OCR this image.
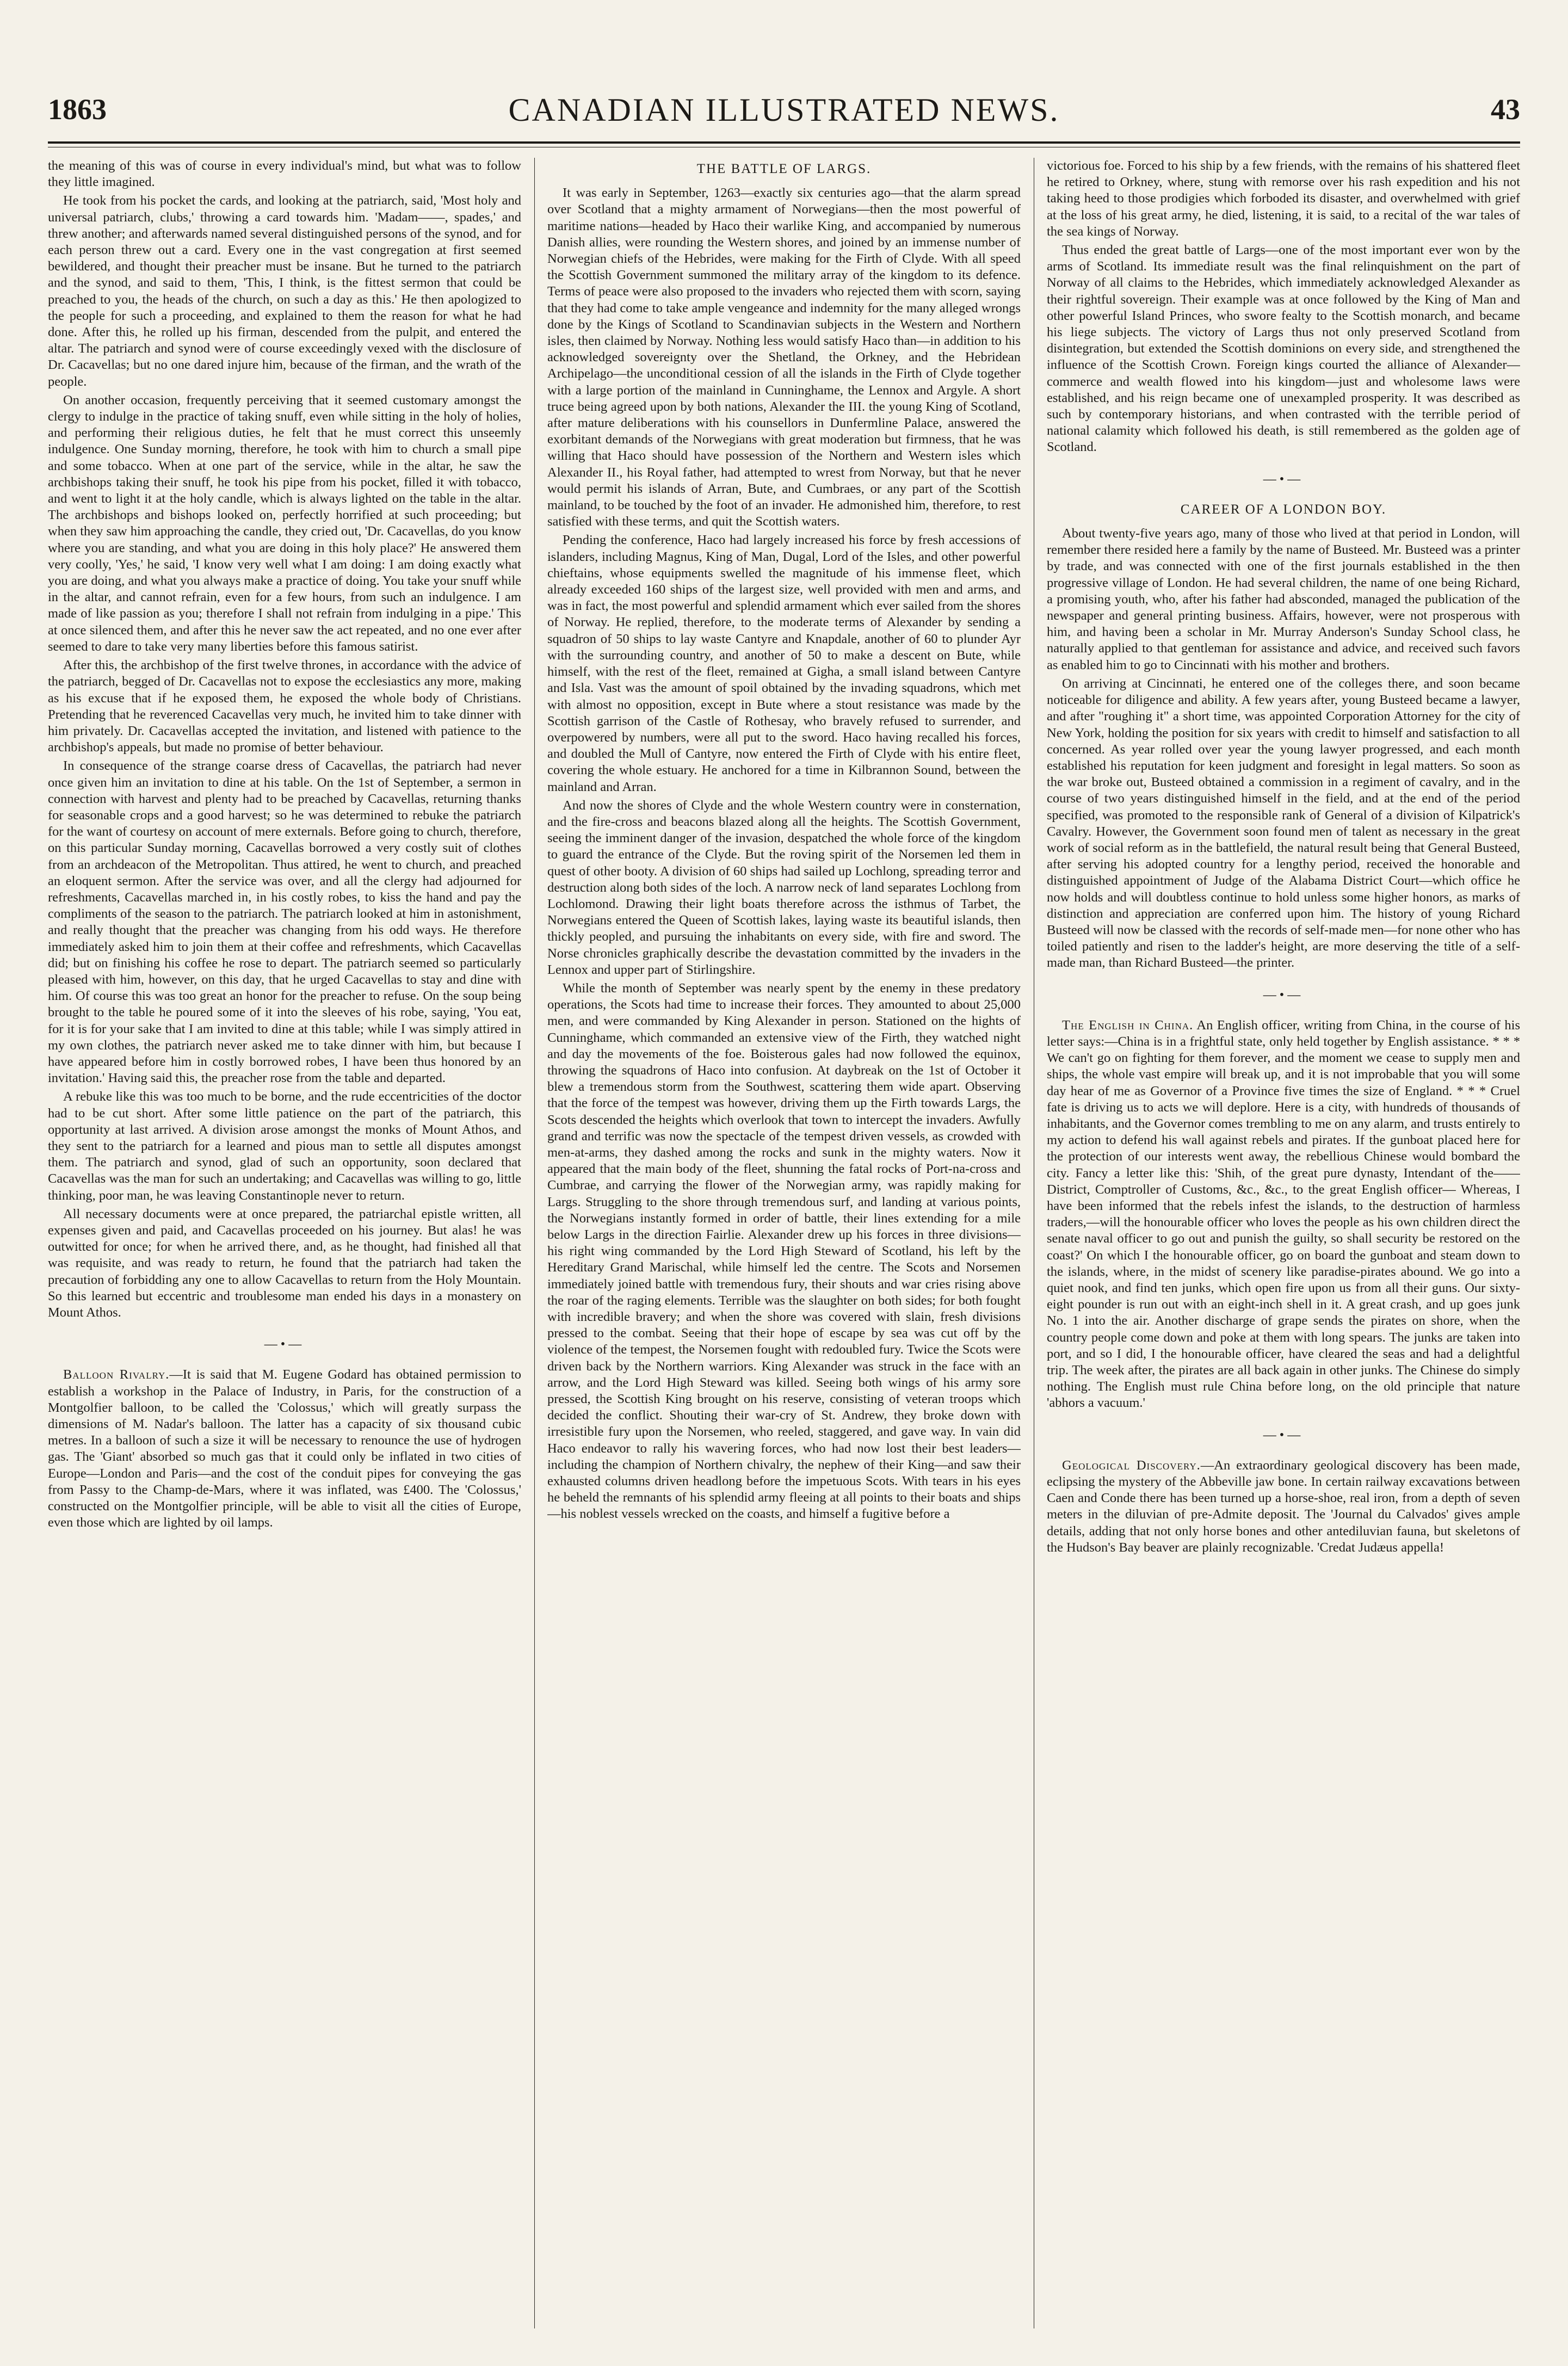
1863	CANADIAN ILLUSTRATED NEWS.	43

the meaning of this was of course in every individual's mind, but what was to follow they little imagined.

He took from his pocket the cards, and looking at the patriarch, said, 'Most holy and universal patriarch, clubs,' throwing a card towards him. 'Madam——, spades,' and threw another; and afterwards named several distinguished persons of the synod, and for each person threw out a card. Every one in the vast congregation at first seemed bewildered, and thought their preacher must be insane. But he turned to the patriarch and the synod, and said to them, 'This, I think, is the fittest sermon that could be preached to you, the heads of the church, on such a day as this.' He then apologized to the people for such a proceeding, and explained to them the reason for what he had done. After this, he rolled up his firman, descended from the pulpit, and entered the altar. The patriarch and synod were of course exceedingly vexed with the disclosure of Dr. Cacavellas; but no one dared injure him, because of the firman, and the wrath of the people.

On another occasion, frequently perceiving that it seemed customary amongst the clergy to indulge in the practice of taking snuff, even while sitting in the holy of holies, and performing their religious duties, he felt that he must correct this unseemly indulgence. One Sunday morning, therefore, he took with him to church a small pipe and some tobacco. When at one part of the service, while in the altar, he saw the archbishops taking their snuff, he took his pipe from his pocket, filled it with tobacco, and went to light it at the holy candle, which is always lighted on the table in the altar. The archbishops and bishops looked on, perfectly horrified at such proceeding; but when they saw him approaching the candle, they cried out, 'Dr. Cacavellas, do you know where you are standing, and what you are doing in this holy place?' He answered them very coolly, 'Yes,' he said, 'I know very well what I am doing: I am doing exactly what you are doing, and what you always make a practice of doing. You take your snuff while in the altar, and cannot refrain, even for a few hours, from such an indulgence. I am made of like passion as you; therefore I shall not refrain from indulging in a pipe.' This at once silenced them, and after this he never saw the act repeated, and no one ever after seemed to dare to take very many liberties before this famous satirist.

After this, the archbishop of the first twelve thrones, in accordance with the advice of the patriarch, begged of Dr. Cacavellas not to expose the ecclesiastics any more, making as his excuse that if he exposed them, he exposed the whole body of Christians. Pretending that he reverenced Cacavellas very much, he invited him to take dinner with him privately. Dr. Cacavellas accepted the invitation, and listened with patience to the archbishop's appeals, but made no promise of better behaviour.

In consequence of the strange coarse dress of Cacavellas, the patriarch had never once given him an invitation to dine at his table. On the 1st of September, a sermon in connection with harvest and plenty had to be preached by Cacavellas, returning thanks for seasonable crops and a good harvest; so he was determined to rebuke the patriarch for the want of courtesy on account of mere externals. Before going to church, therefore, on this particular Sunday morning, Cacavellas borrowed a very costly suit of clothes from an archdeacon of the Metropolitan. Thus attired, he went to church, and preached an eloquent sermon. After the service was over, and all the clergy had adjourned for refreshments, Cacavellas marched in, in his costly robes, to kiss the hand and pay the compliments of the season to the patriarch. The patriarch looked at him in astonishment, and really thought that the preacher was changing from his odd ways. He therefore immediately asked him to join them at their coffee and refreshments, which Cacavellas did; but on finishing his coffee he rose to depart. The patriarch seemed so particularly pleased with him, however, on this day, that he urged Cacavellas to stay and dine with him. Of course this was too great an honor for the preacher to refuse. On the soup being brought to the table he poured some of it into the sleeves of his robe, saying, 'You eat, for it is for your sake that I am invited to dine at this table; while I was simply attired in my own clothes, the patriarch never asked me to take dinner with him, but because I have appeared before him in costly borrowed robes, I have been thus honored by an invitation.' Having said this, the preacher rose from the table and departed.

A rebuke like this was too much to be borne, and the rude eccentricities of the doctor had to be cut short. After some little patience on the part of the patriarch, this opportunity at last arrived. A division arose amongst the monks of Mount Athos, and they sent to the patriarch for a learned and pious man to settle all disputes amongst them. The patriarch and synod, glad of such an opportunity, soon declared that Cacavellas was the man for such an undertaking; and Cacavellas was willing to go, little thinking, poor man, he was leaving Constantinople never to return.

All necessary documents were at once prepared, the patriarchal epistle written, all expenses given and paid, and Cacavellas proceeded on his journey. But alas! he was outwitted for once; for when he arrived there, and, as he thought, had finished all that was requisite, and was ready to return, he found that the patriarch had taken the precaution of forbidding any one to allow Cacavellas to return from the Holy Mountain. So this learned but eccentric and troublesome man ended his days in a monastery on Mount Athos.

—•—

Balloon Rivalry.—It is said that M. Eugene Godard has obtained permission to establish a workshop in the Palace of Industry, in Paris, for the construction of a Montgolfier balloon, to be called the 'Colossus,' which will greatly surpass the dimensions of M. Nadar's balloon. The latter has a capacity of six thousand cubic metres. In a balloon of such a size it will be necessary to renounce the use of hydrogen gas. The 'Giant' absorbed so much gas that it could only be inflated in two cities of Europe—London and Paris—and the cost of the conduit pipes for conveying the gas from Passy to the Champ-de-Mars, where it was inflated, was £400. The 'Colossus,' constructed on the Montgolfier principle, will be able to visit all the cities of Europe, even those which are lighted by oil lamps.

THE BATTLE OF LARGS.

It was early in September, 1263—exactly six centuries ago—that the alarm spread over Scotland that a mighty armament of Norwegians—then the most powerful of maritime nations—headed by Haco their warlike King, and accompanied by numerous Danish allies, were rounding the Western shores, and joined by an immense number of Norwegian chiefs of the Hebrides, were making for the Firth of Clyde. With all speed the Scottish Government summoned the military array of the kingdom to its defence. Terms of peace were also proposed to the invaders who rejected them with scorn, saying that they had come to take ample vengeance and indemnity for the many alleged wrongs done by the Kings of Scotland to Scandinavian subjects in the Western and Northern isles, then claimed by Norway. Nothing less would satisfy Haco than—in addition to his acknowledged sovereignty over the Shetland, the Orkney, and the Hebridean Archipelago—the unconditional cession of all the islands in the Firth of Clyde together with a large portion of the mainland in Cunninghame, the Lennox and Argyle. A short truce being agreed upon by both nations, Alexander the III. the young King of Scotland, after mature deliberations with his counsellors in Dunfermline Palace, answered the exorbitant demands of the Norwegians with great moderation but firmness, that he was willing that Haco should have possession of the Northern and Western isles which Alexander II., his Royal father, had attempted to wrest from Norway, but that he never would permit his islands of Arran, Bute, and Cumbraes, or any part of the Scottish mainland, to be touched by the foot of an invader. He admonished him, therefore, to rest satisfied with these terms, and quit the Scottish waters.

Pending the conference, Haco had largely increased his force by fresh accessions of islanders, including Magnus, King of Man, Dugal, Lord of the Isles, and other powerful chieftains, whose equipments swelled the magnitude of his immense fleet, which already exceeded 160 ships of the largest size, well provided with men and arms, and was in fact, the most powerful and splendid armament which ever sailed from the shores of Norway. He replied, therefore, to the moderate terms of Alexander by sending a squadron of 50 ships to lay waste Cantyre and Knapdale, another of 60 to plunder Ayr with the surrounding country, and another of 50 to make a descent on Bute, while himself, with the rest of the fleet, remained at Gigha, a small island between Cantyre and Isla. Vast was the amount of spoil obtained by the invading squadrons, which met with almost no opposition, except in Bute where a stout resistance was made by the Scottish garrison of the Castle of Rothesay, who bravely refused to surrender, and overpowered by numbers, were all put to the sword. Haco having recalled his forces, and doubled the Mull of Cantyre, now entered the Firth of Clyde with his entire fleet, covering the whole estuary. He anchored for a time in Kilbrannon Sound, between the mainland and Arran.

And now the shores of Clyde and the whole Western country were in consternation, and the fire-cross and beacons blazed along all the heights. The Scottish Government, seeing the imminent danger of the invasion, despatched the whole force of the kingdom to guard the entrance of the Clyde. But the roving spirit of the Norsemen led them in quest of other booty. A division of 60 ships had sailed up Lochlong, spreading terror and destruction along both sides of the loch. A narrow neck of land separates Lochlong from Lochlomond. Drawing their light boats therefore across the isthmus of Tarbet, the Norwegians entered the Queen of Scottish lakes, laying waste its beautiful islands, then thickly peopled, and pursuing the inhabitants on every side, with fire and sword. The Norse chronicles graphically describe the devastation committed by the invaders in the Lennox and upper part of Stirlingshire.

While the month of September was nearly spent by the enemy in these predatory operations, the Scots had time to increase their forces. They amounted to about 25,000 men, and were commanded by King Alexander in person. Stationed on the hights of Cunninghame, which commanded an extensive view of the Firth, they watched night and day the movements of the foe. Boisterous gales had now followed the equinox, throwing the squadrons of Haco into confusion. At daybreak on the 1st of October it blew a tremendous storm from the Southwest, scattering them wide apart. Observing that the force of the tempest was however, driving them up the Firth towards Largs, the Scots descended the heights which overlook that town to intercept the invaders. Awfully grand and terrific was now the spectacle of the tempest driven vessels, as crowded with men-at-arms, they dashed among the rocks and sunk in the mighty waters. Now it appeared that the main body of the fleet, shunning the fatal rocks of Port-na-cross and Cumbrae, and carrying the flower of the Norwegian army, was rapidly making for Largs. Struggling to the shore through tremendous surf, and landing at various points, the Norwegians instantly formed in order of battle, their lines extending for a mile below Largs in the direction Fairlie. Alexander drew up his forces in three divisions—his right wing commanded by the Lord High Steward of Scotland, his left by the Hereditary Grand Marischal, while himself led the centre. The Scots and Norsemen immediately joined battle with tremendous fury, their shouts and war cries rising above the roar of the raging elements. Terrible was the slaughter on both sides; for both fought with incredible bravery; and when the shore was covered with slain, fresh divisions pressed to the combat. Seeing that their hope of escape by sea was cut off by the violence of the tempest, the Norsemen fought with redoubled fury. Twice the Scots were driven back by the Northern warriors. King Alexander was struck in the face with an arrow, and the Lord High Steward was killed. Seeing both wings of his army sore pressed, the Scottish King brought on his reserve, consisting of veteran troops which decided the conflict. Shouting their war-cry of St. Andrew, they broke down with irresistible fury upon the Norsemen, who reeled, staggered, and gave way. In vain did Haco endeavor to rally his wavering forces, who had now lost their best leaders—including the champion of Northern chivalry, the nephew of their King—and saw their exhausted columns driven headlong before the impetuous Scots. With tears in his eyes he beheld the remnants of his splendid army fleeing at all points to their boats and ships—his noblest vessels wrecked on the coasts, and himself a fugitive before a

victorious foe. Forced to his ship by a few friends, with the remains of his shattered fleet he retired to Orkney, where, stung with remorse over his rash expedition and his not taking heed to those prodigies which forboded its disaster, and overwhelmed with grief at the loss of his great army, he died, listening, it is said, to a recital of the war tales of the sea kings of Norway.

Thus ended the great battle of Largs—one of the most important ever won by the arms of Scotland. Its immediate result was the final relinquishment on the part of Norway of all claims to the Hebrides, which immediately acknowledged Alexander as their rightful sovereign. Their example was at once followed by the King of Man and other powerful Island Princes, who swore fealty to the Scottish monarch, and became his liege subjects. The victory of Largs thus not only preserved Scotland from disintegration, but extended the Scottish dominions on every side, and strengthened the influence of the Scottish Crown. Foreign kings courted the alliance of Alexander—commerce and wealth flowed into his kingdom—just and wholesome laws were established, and his reign became one of unexampled prosperity. It was described as such by contemporary historians, and when contrasted with the terrible period of national calamity which followed his death, is still remembered as the golden age of Scotland.

—•—
CAREER OF A LONDON BOY.

About twenty-five years ago, many of those who lived at that period in London, will remember there resided here a family by the name of Busteed. Mr. Busteed was a printer by trade, and was connected with one of the first journals established in the then progressive village of London. He had several children, the name of one being Richard, a promising youth, who, after his father had absconded, managed the publication of the newspaper and general printing business. Affairs, however, were not prosperous with him, and having been a scholar in Mr. Murray Anderson's Sunday School class, he naturally applied to that gentleman for assistance and advice, and received such favors as enabled him to go to Cincinnati with his mother and brothers.

On arriving at Cincinnati, he entered one of the colleges there, and soon became noticeable for diligence and ability. A few years after, young Busteed became a lawyer, and after "roughing it" a short time, was appointed Corporation Attorney for the city of New York, holding the position for six years with credit to himself and satisfaction to all concerned. As year rolled over year the young lawyer progressed, and each month established his reputation for keen judgment and foresight in legal matters. So soon as the war broke out, Busteed obtained a commission in a regiment of cavalry, and in the course of two years distinguished himself in the field, and at the end of the period specified, was promoted to the responsible rank of General of a division of Kilpatrick's Cavalry. However, the Government soon found men of talent as necessary in the great work of social reform as in the battlefield, the natural result being that General Busteed, after serving his adopted country for a lengthy period, received the honorable and distinguished appointment of Judge of the Alabama District Court—which office he now holds and will doubtless continue to hold unless some higher honors, as marks of distinction and appreciation are conferred upon him. The history of young Richard Busteed will now be classed with the records of self-made men—for none other who has toiled patiently and risen to the ladder's height, are more deserving the title of a self-made man, than Richard Busteed—the printer.

—•—

The English in China. An English officer, writing from China, in the course of his letter says:—China is in a frightful state, only held together by English assistance. * * * We can't go on fighting for them forever, and the moment we cease to supply men and ships, the whole vast empire will break up, and it is not improbable that you will some day hear of me as Governor of a Province five times the size of England. * * * Cruel fate is driving us to acts we will deplore. Here is a city, with hundreds of thousands of inhabitants, and the Governor comes trembling to me on any alarm, and trusts entirely to my action to defend his wall against rebels and pirates. If the gunboat placed here for the protection of our interests went away, the rebellious Chinese would bombard the city. Fancy a letter like this: 'Shih, of the great pure dynasty, Intendant of the——District, Comptroller of Customs, &c., &c., to the great English officer— Whereas, I have been informed that the rebels infest the islands, to the destruction of harmless traders,—will the honourable officer who loves the people as his own children direct the senate naval officer to go out and punish the guilty, so shall security be restored on the coast?' On which I the honourable officer, go on board the gunboat and steam down to the islands, where, in the midst of scenery like paradise-pirates abound. We go into a quiet nook, and find ten junks, which open fire upon us from all their guns. Our sixty-eight pounder is run out with an eight-inch shell in it. A great crash, and up goes junk No. 1 into the air. Another discharge of grape sends the pirates on shore, when the country people come down and poke at them with long spears. The junks are taken into port, and so I did, I the honourable officer, have cleared the seas and had a delightful trip. The week after, the pirates are all back again in other junks. The Chinese do simply nothing. The English must rule China before long, on the old principle that nature 'abhors a vacuum.'

—•—

Geological Discovery.—An extraordinary geological discovery has been made, eclipsing the mystery of the Abbeville jaw bone. In certain railway excavations between Caen and Conde there has been turned up a horse-shoe, real iron, from a depth of seven meters in the diluvian of pre-Admite deposit. The 'Journal du Calvados' gives ample details, adding that not only horse bones and other antediluvian fauna, but skeletons of the Hudson's Bay beaver are plainly recognizable. 'Credat Judæus appella!
